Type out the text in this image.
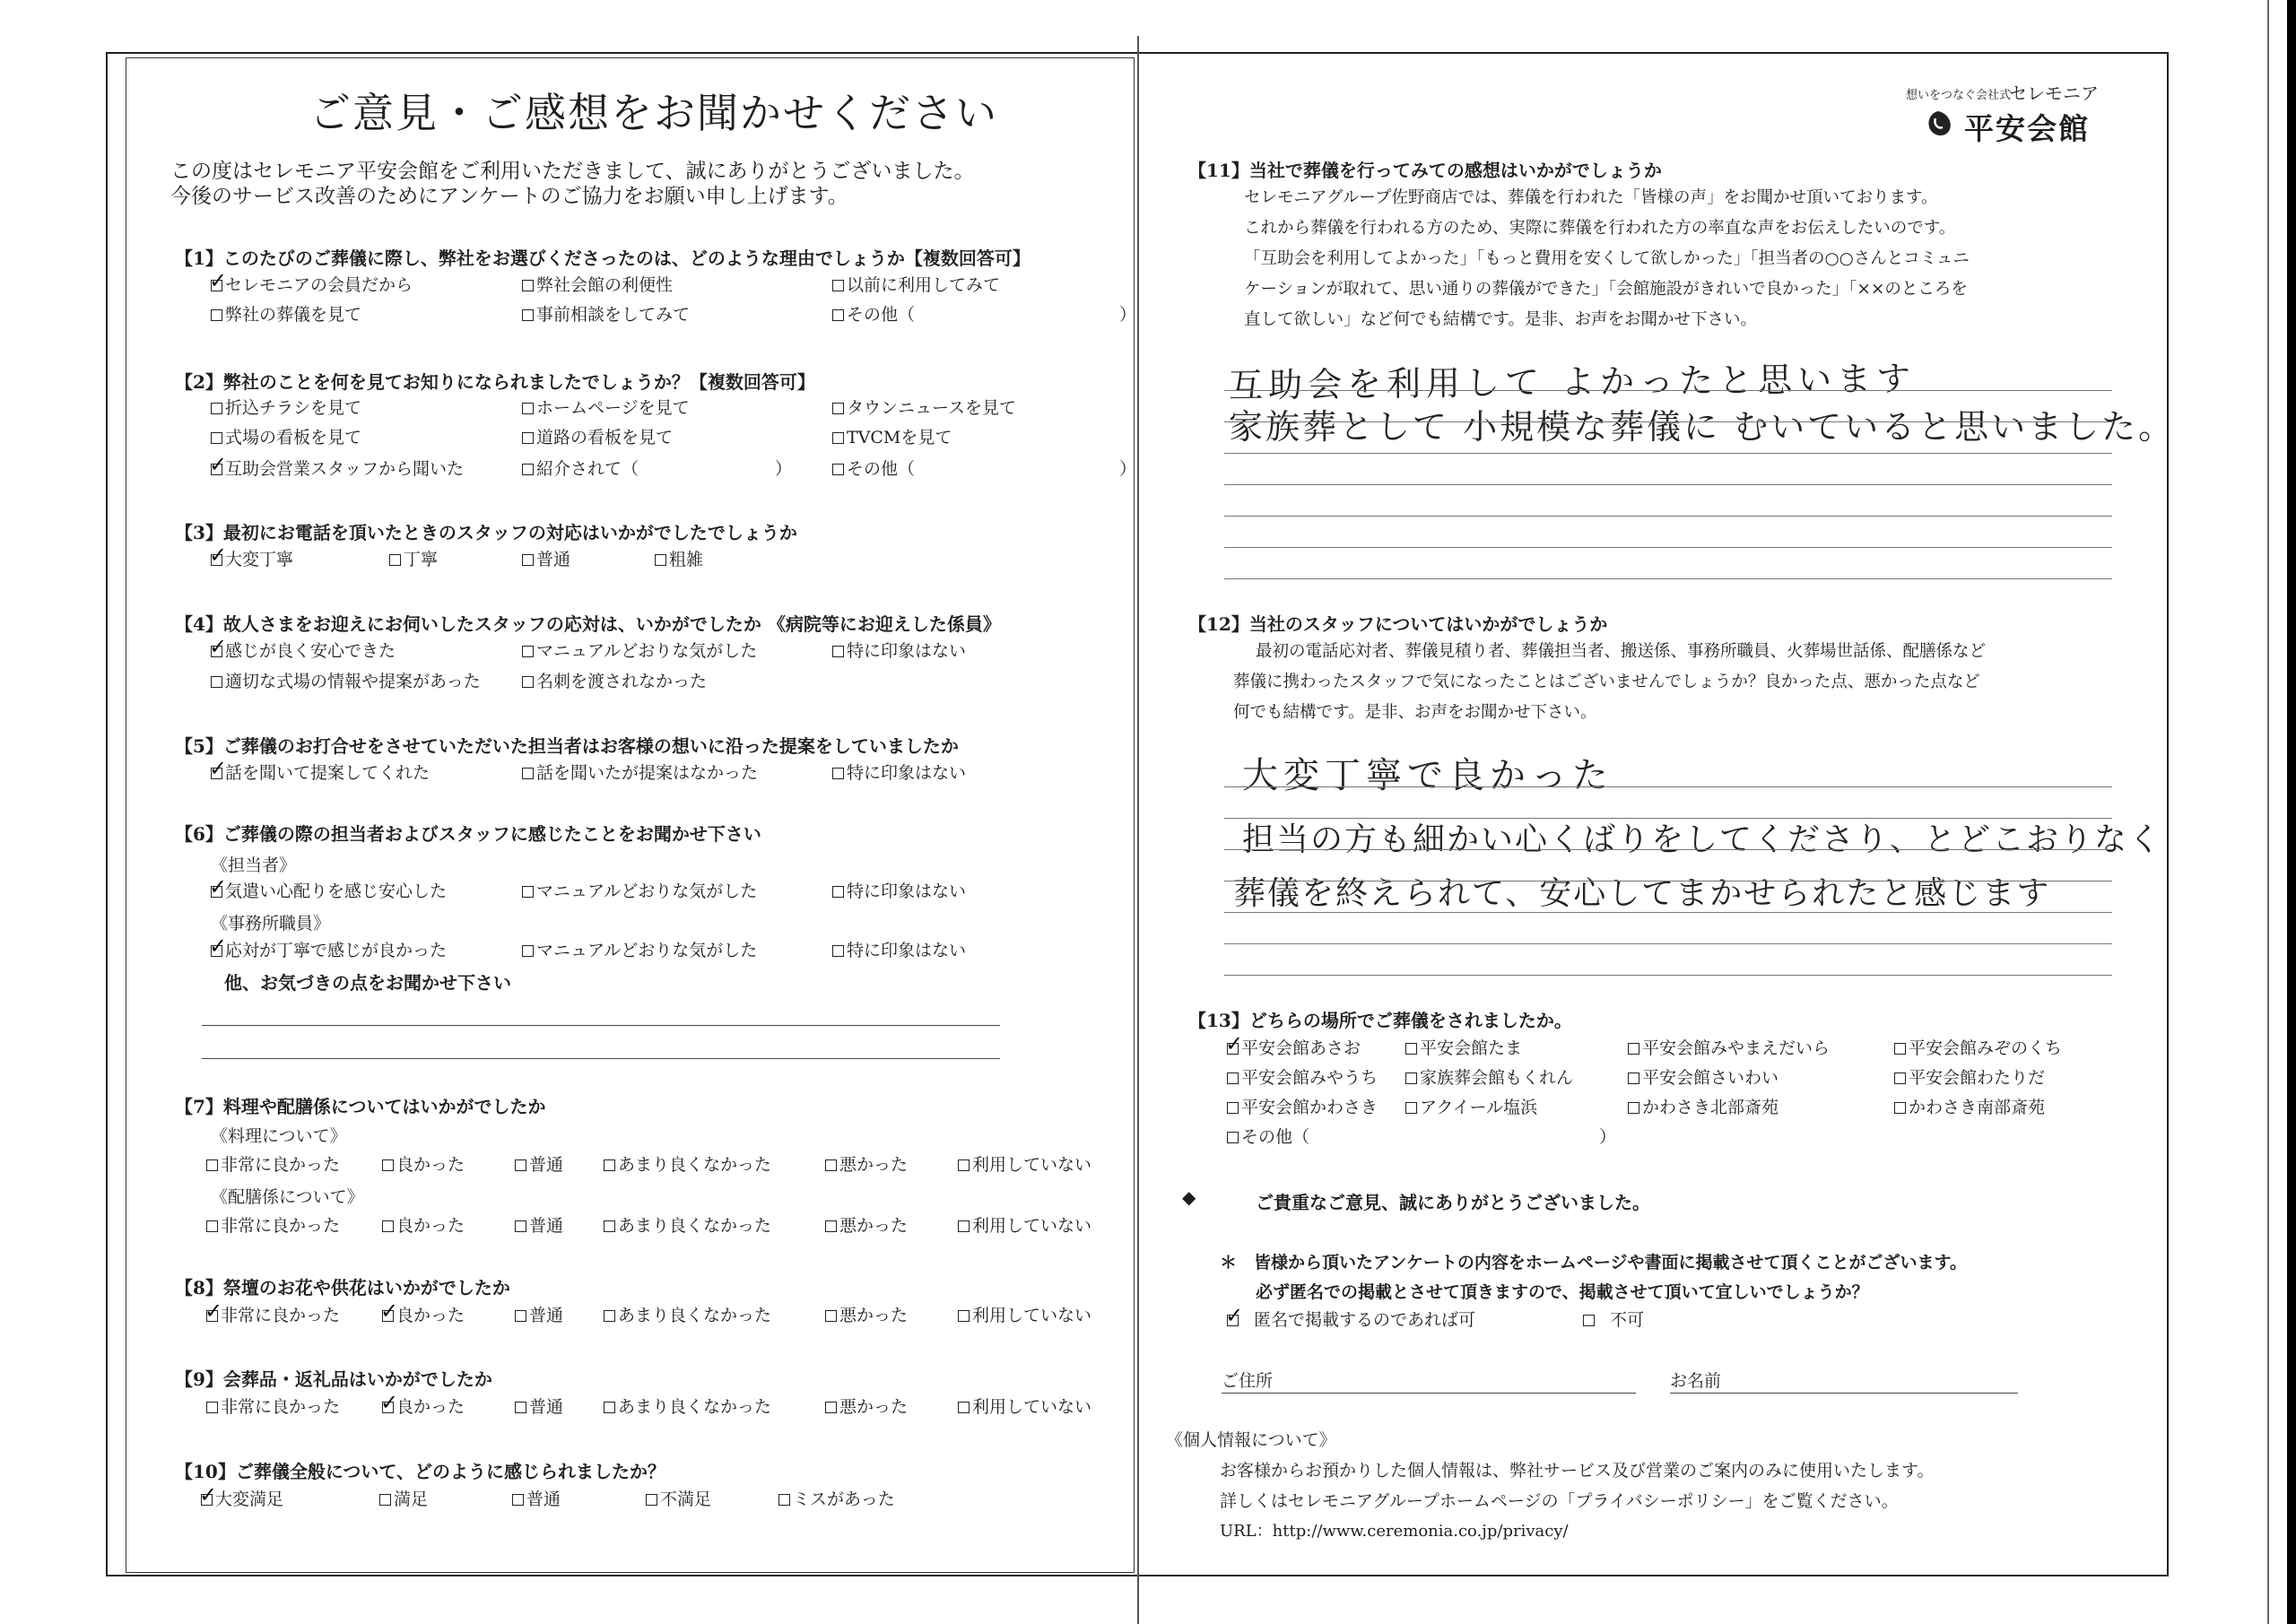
ご意見・ご感想をお聞かせください
この度はセレモニア平安会館をご利用いただきまして、誠にありがとうございました。
今後のサービス改善のためにアンケートのご協力をお願い申し上げます。
想いをつなぐ会社式
セレモニア
平安会館
【1】このたびのご葬儀に際し、弊社をお選びくださったのは、どのような理由でしょうか【複数回答可】
✓セレモニアの会員だから	弊社会館の利便性	以前に利用してみて
弊社の葬儀を見て	事前相談をしてみて	その他（　　　　　　　　　　　　）
【2】弊社のことを何を見てお知りになられましたでしょうか？【複数回答可】
折込チラシを見て	ホームページを見て	タウンニュースを見て
式場の看板を見て	道路の看板を見て	TVCMを見て
✓互助会営業スタッフから聞いた	紹介されて（　　　　　　　　）	その他（　　　　　　　　　　　　）
【3】最初にお電話を頂いたときのスタッフの対応はいかがでしたでしょうか
✓大変丁寧	丁寧	普通	粗雑
【4】故人さまをお迎えにお伺いしたスタッフの応対は、いかがでしたか 《病院等にお迎えした係員》
✓感じが良く安心できた	マニュアルどおりな気がした	特に印象はない
適切な式場の情報や提案があった	名刺を渡されなかった
【5】ご葬儀のお打合せをさせていただいた担当者はお客様の想いに沿った提案をしていましたか
✓話を聞いて提案してくれた	話を聞いたが提案はなかった	特に印象はない
【6】ご葬儀の際の担当者およびスタッフに感じたことをお聞かせ下さい
《担当者》
✓気遣い心配りを感じ安心した	マニュアルどおりな気がした	特に印象はない
《事務所職員》
✓応対が丁寧で感じが良かった	マニュアルどおりな気がした	特に印象はない
他、お気づきの点をお聞かせ下さい
【7】料理や配膳係についてはいかがでしたか
《料理について》
非常に良かった	良かった	普通	あまり良くなかった	悪かった	利用していない
《配膳係について》
非常に良かった	良かった	普通	あまり良くなかった	悪かった	利用していない
【8】祭壇のお花や供花はいかがでしたか
✓非常に良かった ✓	良かった	普通	あまり良くなかった	悪かった	利用していない
【9】会葬品・返礼品はいかがでしたか
非常に良かった ✓	良かった	普通	あまり良くなかった	悪かった	利用していない
【10】ご葬儀全般について、どのように感じられましたか？
✓大変満足	満足	普通	不満足	ミスがあった
【11】当社で葬儀を行ってみての感想はいかがでしょうか
セレモニアグループ佐野商店では、葬儀を行われた「皆様の声」をお聞かせ頂いております。
これから葬儀を行われる方のため、実際に葬儀を行われた方の率直な声をお伝えしたいのです。
「互助会を利用してよかった」「もっと費用を安くして欲しかった」「担当者の○○さんとコミュニ
ケーションが取れて、思い通りの葬儀ができた」「会館施設がきれいで良かった」「××のところを
直して欲しい」など何でも結構です。是非、お声をお聞かせ下さい。
互助会を利用して よかったと思います
家族葬として 小規模な葬儀に むいていると思いました。
【12】当社のスタッフについてはいかがでしょうか
最初の電話応対者、葬儀見積り者、葬儀担当者、搬送係、事務所職員、火葬場世話係、配膳係など
葬儀に携わったスタッフで気になったことはございませんでしょうか？良かった点、悪かった点など
何でも結構です。是非、お声をお聞かせ下さい。
大変丁寧で良かった
担当の方も細かい心くばりをしてくださり、とどこおりなく
葬儀を終えられて、安心してまかせられたと感じます
【13】どちらの場所でご葬儀をされましたか。
✓平安会館あさお	平安会館たま	平安会館みやまえだいら	平安会館みぞのくち
平安会館みやうち	家族葬会館もくれん	平安会館さいわい	平安会館わたりだ
平安会館かわさき	アクイール塩浜	かわさき北部斎苑	かわさき南部斎苑
その他（　　　　　　　　　　　　　　　　　）
◆	ご貴重なご意見、誠にありがとうございました。
＊　皆様から頂いたアンケートの内容をホームページや書面に掲載させて頂くことがございます。
必ず匿名での掲載とさせて頂きますので、掲載させて頂いて宜しいでしょうか？
✓匿名で掲載するのであれば可	不可
ご住所	お名前
《個人情報について》
お客様からお預かりした個人情報は、弊社サービス及び営業のご案内のみに使用いたします。
詳しくはセレモニアグループホームページの「プライバシーポリシー」をご覧ください。
URL：http://www.ceremonia.co.jp/privacy/
